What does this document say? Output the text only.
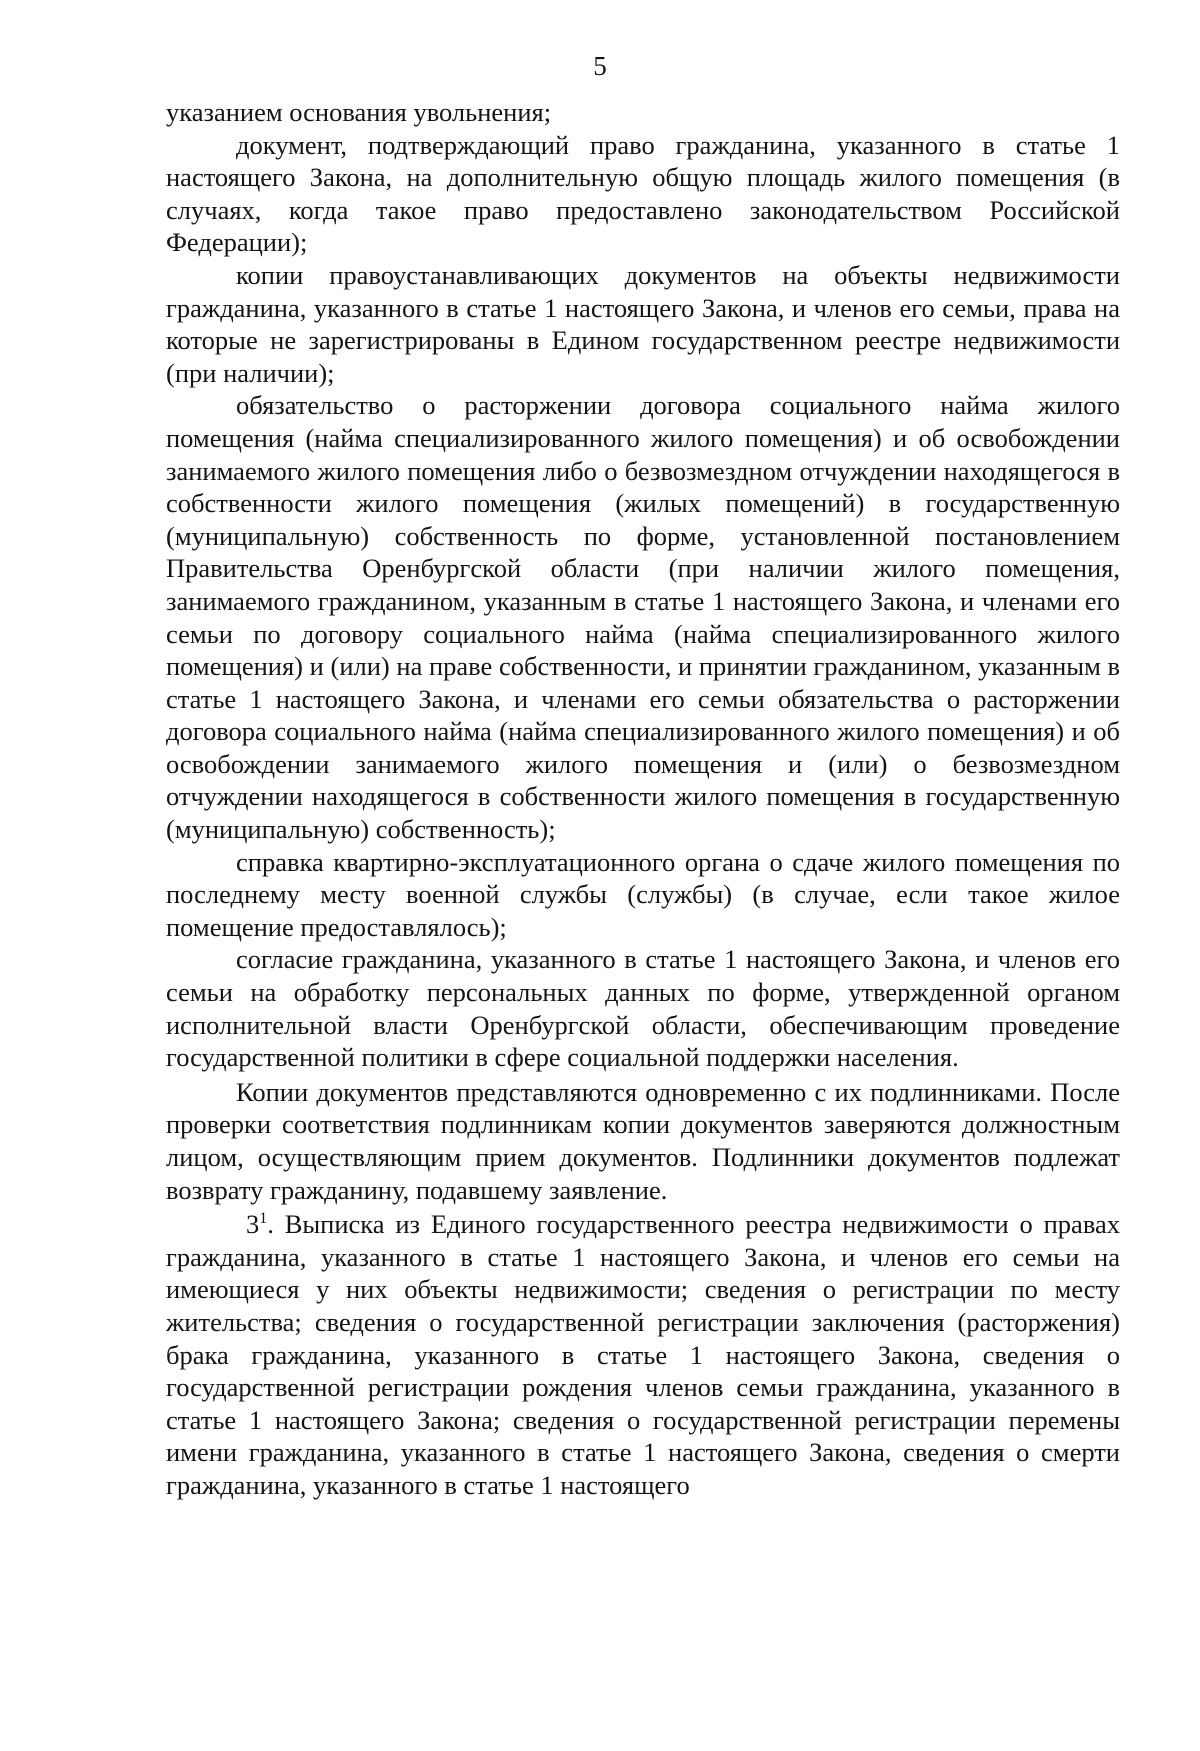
5

указанием основания увольнения;

документ, подтверждающий право гражданина, указанного в статье 1 настоящего Закона, на дополнительную общую площадь жилого помещения (в случаях, когда такое право предоставлено законодательством Российской Федерации);

копии правоустанавливающих документов на объекты недвижимости гражданина, указанного в статье 1 настоящего Закона, и членов его семьи, права на которые не зарегистрированы в Едином государственном реестре недвижимости (при наличии);

обязательство о расторжении договора социального найма жилого помещения (найма специализированного жилого помещения) и об освобождении занимаемого жилого помещения либо о безвозмездном отчуждении находящегося в собственности жилого помещения (жилых помещений) в государственную (муниципальную) собственность по форме, установленной постановлением Правительства Оренбургской области (при наличии жилого помещения, занимаемого гражданином, указанным в статье 1 настоящего Закона, и членами его семьи по договору социального найма (найма специализированного жилого помещения) и (или) на праве собственности, и принятии гражданином, указанным в статье 1 настоящего Закона, и членами его семьи обязательства о расторжении договора социального найма (найма специализированного жилого помещения) и об освобождении занимаемого жилого помещения и (или) о безвозмездном отчуждении находящегося в собственности жилого помещения в государственную (муниципальную) собственность);

справка квартирно-эксплуатационного органа о сдаче жилого помещения по последнему месту военной службы (службы) (в случае, если такое жилое помещение предоставлялось);

согласие гражданина, указанного в статье 1 настоящего Закона, и членов его семьи на обработку персональных данных по форме, утвержденной органом исполнительной власти Оренбургской области, обеспечивающим проведение государственной политики в сфере социальной поддержки населения.

Копии документов представляются одновременно с их подлинниками. После проверки соответствия подлинникам копии документов заверяются должностным лицом, осуществляющим прием документов. Подлинники документов подлежат возврату гражданину, подавшему заявление.

$3^1$. Выписка из Единого государственного реестра недвижимости о правах гражданина, указанного в статье 1 настоящего Закона, и членов его семьи на имеющиеся у них объекты недвижимости; сведения о регистрации по месту жительства; сведения о государственной регистрации заключения (расторжения) брака гражданина, указанного в статье 1 настоящего Закона, сведения о государственной регистрации рождения членов семьи гражданина, указанного в статье 1 настоящего Закона; сведения о государственной регистрации перемены имени гражданина, указанного в статье 1 настоящего Закона, сведения о смерти гражданина, указанного в статье 1 настоящего
